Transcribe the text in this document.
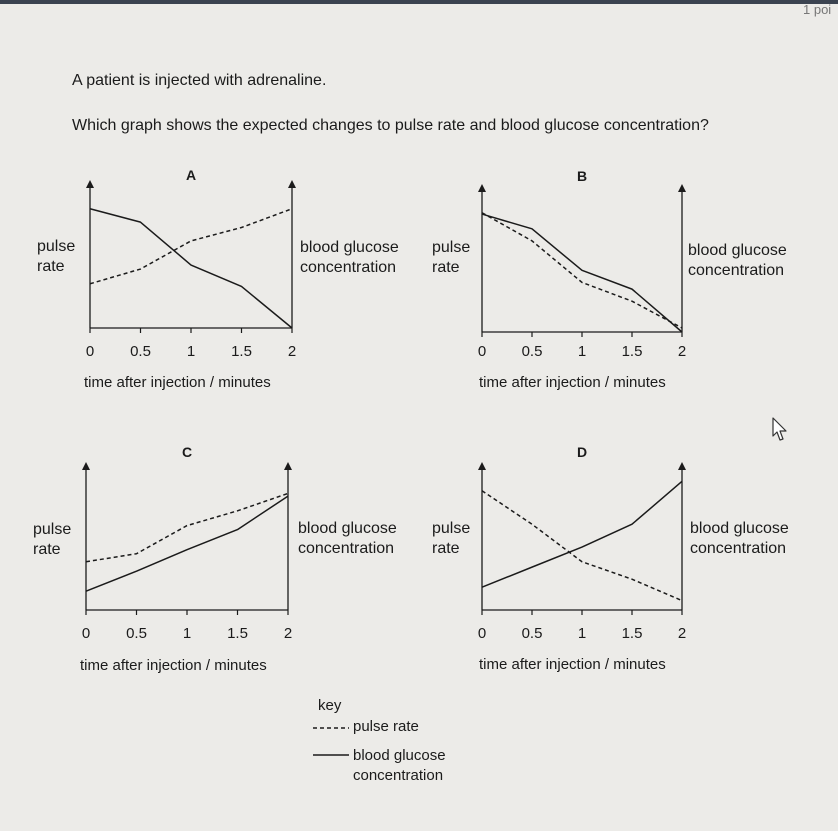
1 poi
A patient is injected with adrenaline.
Which graph shows the expected changes to pulse rate and blood glucose concentration?
A
0 0.5 1 1.5 2
pulse
rate
blood glucose
concentration
time after injection / minutes
B
0 0.5 1 1.5 2
pulse
rate
blood glucose
concentration
time after injection / minutes
C
0 0.5 1 1.5 2
pulse
rate
blood glucose
concentration
time after injection / minutes
D
0 0.5 1 1.5 2
pulse
rate
blood glucose
concentration
time after injection / minutes
key
pulse rate
blood glucose
concentration
